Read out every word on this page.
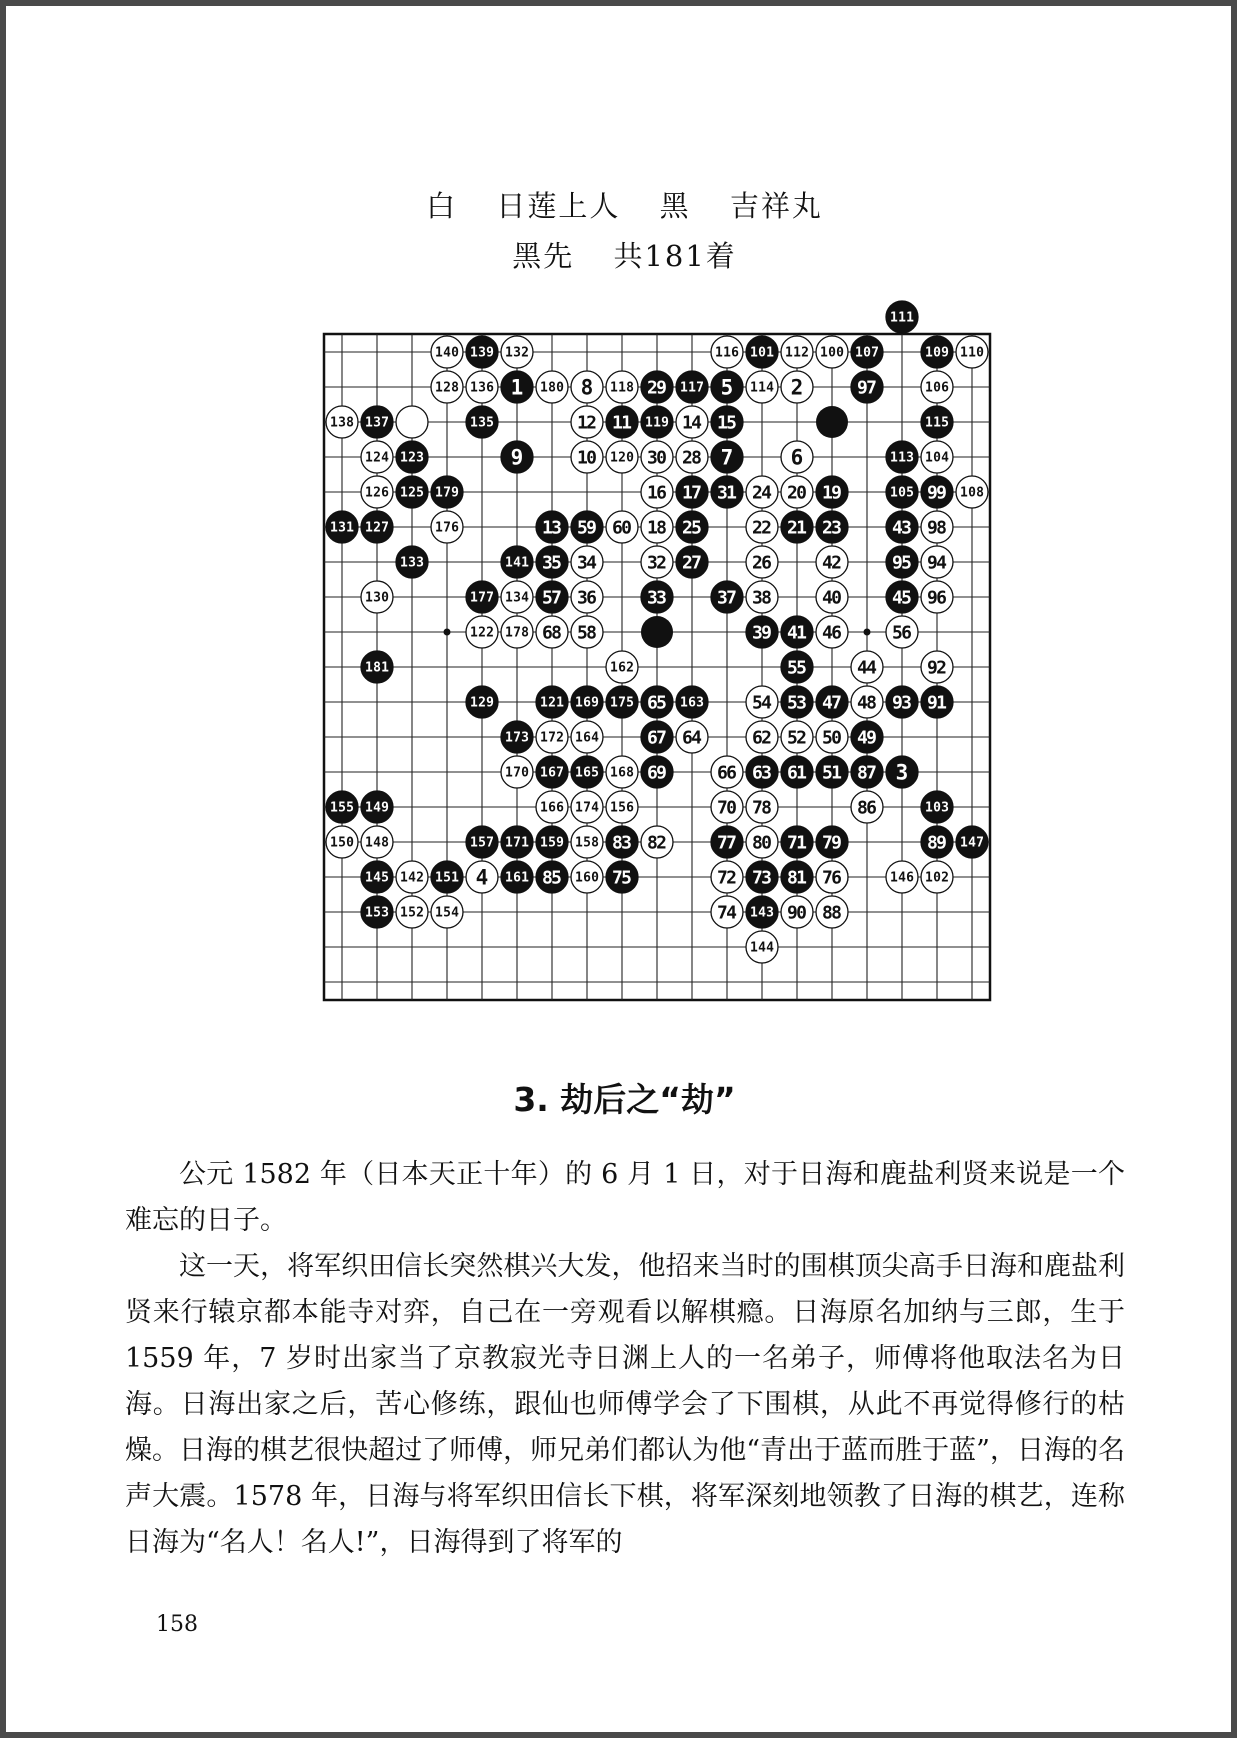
白 日莲上人 黑 吉祥丸
黑先 共181着
111
140 139 132	116 101 112 100 107	109 110
128 136 1 180 8 118 29 117 5 114 2	97	106
138 137	135	12 11 119 14 15	115
124 123	9	10 120 30 28 7	6	113 104
126 125 179	16 17 31 24 20 19	105 99 108
131 127	176	13 59 60 18 25	22 21 23	43 98
133	141 35 34	32 27	26	42	95 94
130	177 134 57 36	33	37 38	40	45 96
122 178 68 58	39 41 46	56
181	162	55	44	92
129	121 169 175 65 163	54 53 47 48 93 91
173 172 164	67 64	62 52 50 49
170 167 165 168 69	66 63 61 51 87 3
155 149	166 174 156	70 78	86	103
150 148	157 171 159 158 83 82	77 80 71 79	89 147
145 142 151 4 161 85 160 75	72 73 81 76	146 102
153 152 154	74 143 90 88
144
3. 劫后之“劫”

公元 1582 年（日本天正十年）的 6 月 1 日，对于日海和鹿盐利贤来说是一个难忘的日子。

这一天，将军织田信长突然棋兴大发，他招来当时的围棋顶尖高手日海和鹿盐利贤来行辕京都本能寺对弈，自己在一旁观看以解棋瘾。日海原名加纳与三郎，生于 1559 年，7 岁时出家当了京教寂光寺日渊上人的一名弟子，师傅将他取法名为日海。日海出家之后，苦心修练，跟仙也师傅学会了下围棋，从此不再觉得修行的枯燥。日海的棋艺很快超过了师傅，师兄弟们都认为他“青出于蓝而胜于蓝”，日海的名声大震。1578 年，日海与将军织田信长下棋，将军深刻地领教了日海的棋艺，连称日海为“名人！名人!”，日海得到了将军的

158
